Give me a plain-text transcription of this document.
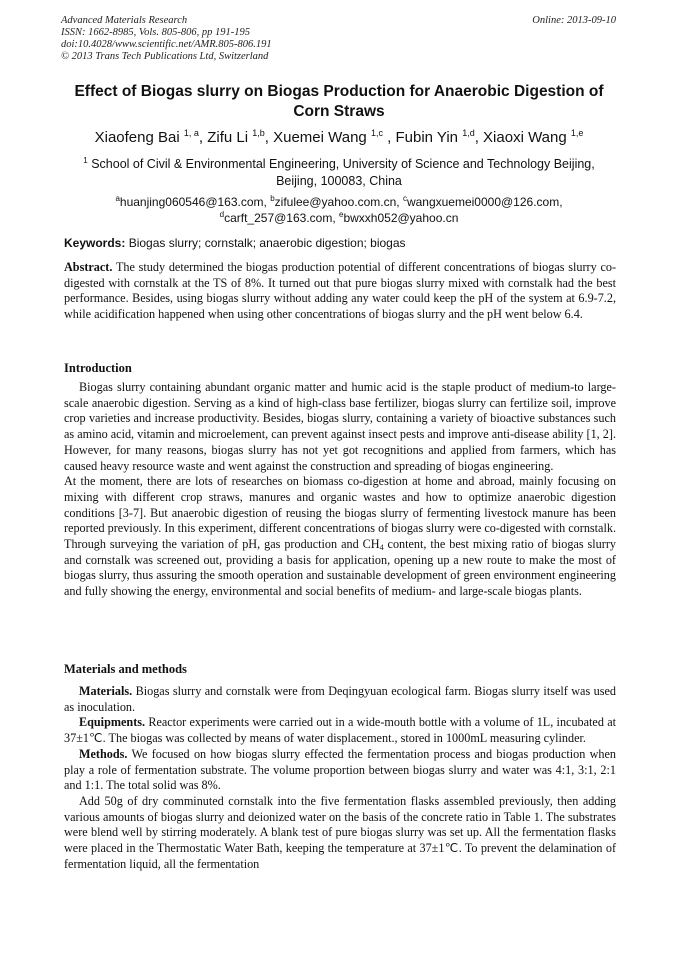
Advanced Materials Research	Online: 2013-09-10
ISSN: 1662-8985, Vols. 805-806, pp 191-195
doi:10.4028/www.scientific.net/AMR.805-806.191
© 2013 Trans Tech Publications Ltd, Switzerland
Effect of Biogas slurry on Biogas Production for Anaerobic Digestion of Corn Straws
Xiaofeng Bai $^{1, a}$, Zifu Li $^{1,b}$, Xuemei Wang $^{1,c}$ , Fubin Yin $^{1,d}$, Xiaoxi Wang $^{1,e}$
$^1$ School of Civil & Environmental Engineering, University of Science and Technology Beijing, Beijing, 100083, China
$^a$huanjing060546@163.com, $^b$zifulee@yahoo.com.cn, $^c$wangxuemei0000@126.com,
$^d$carft_257@163.com, $^e$bwxxh052@yahoo.cn
Keywords: Biogas slurry; cornstalk; anaerobic digestion; biogas

Abstract. The study determined the biogas production potential of different concentrations of biogas slurry co-digested with cornstalk at the TS of 8%. It turned out that pure biogas slurry mixed with cornstalk had the best performance. Besides, using biogas slurry without adding any water could keep the pH of the system at 6.9-7.2, while acidification happened when using other concentrations of biogas slurry and the pH went below 6.4.

Introduction

Biogas slurry containing abundant organic matter and humic acid is the staple product of medium-to large-scale anaerobic digestion. Serving as a kind of high-class base fertilizer, biogas slurry can fertilize soil, improve crop varieties and increase productivity. Besides, biogas slurry, containing a variety of bioactive substances such as amino acid, vitamin and microelement, can prevent against insect pests and improve anti-disease ability [1, 2]. However, for many reasons, biogas slurry has not yet got recognitions and applied from farmers, which has caused heavy resource waste and went against the construction and spreading of biogas engineering.

At the moment, there are lots of researches on biomass co-digestion at home and abroad, mainly focusing on mixing with different crop straws, manures and organic wastes and how to optimize anaerobic digestion conditions [3-7]. But anaerobic digestion of reusing the biogas slurry of fermenting livestock manure has been reported previously. In this experiment, different concentrations of biogas slurry were co-digested with cornstalk. Through surveying the variation of pH, gas production and $CH_4$ content, the best mixing ratio of biogas slurry and cornstalk was screened out, providing a basis for application, opening up a new route to make the most of biogas slurry, thus assuring the smooth operation and sustainable development of green environment engineering and fully showing the energy, environmental and social benefits of medium- and large-scale biogas plants.

Materials and methods

Materials. Biogas slurry and cornstalk were from Deqingyuan ecological farm. Biogas slurry itself was used as inoculation.

Equipments. Reactor experiments were carried out in a wide-mouth bottle with a volume of 1L, incubated at 37±1℃. The biogas was collected by means of water displacement., stored in 1000mL measuring cylinder.

Methods. We focused on how biogas slurry effected the fermentation process and biogas production when play a role of fermentation substrate. The volume proportion between biogas slurry and water was 4:1, 3:1, 2:1 and 1:1. The total solid was 8%.

Add 50g of dry comminuted cornstalk into the five fermentation flasks assembled previously, then adding various amounts of biogas slurry and deionized water on the basis of the concrete ratio in Table 1. The substrates were blend well by stirring moderately. A blank test of pure biogas slurry was set up. All the fermentation flasks were placed in the Thermostatic Water Bath, keeping the temperature at 37±1℃. To prevent the delamination of fermentation liquid, all the fermentation
